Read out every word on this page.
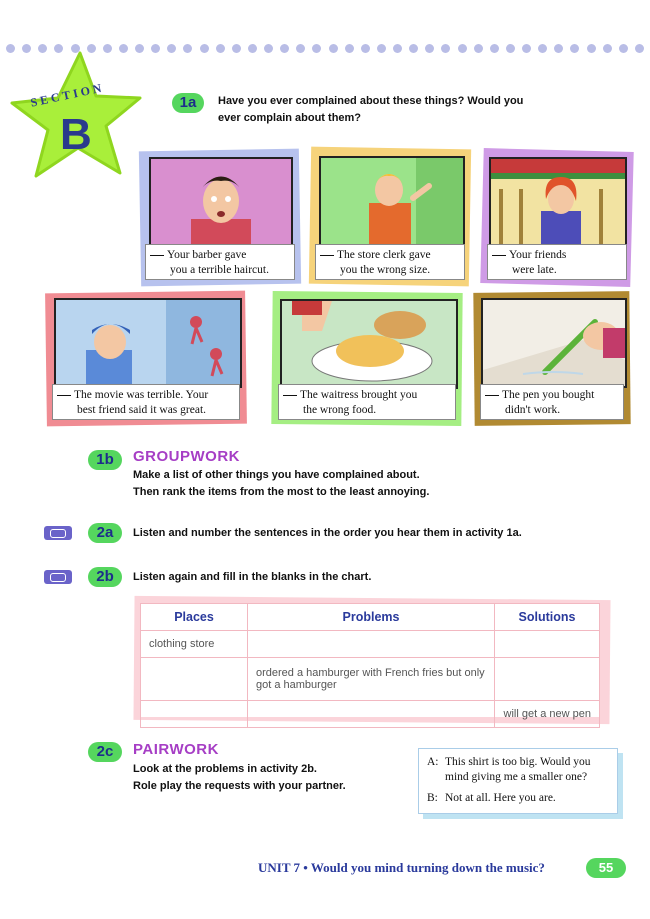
SECTION
B
1a	Have you ever complained about these things? Would you
ever complain about them?
Your barber gave
you a terrible haircut.
The store clerk gave
you the wrong size.
Your friends
were late.
The movie was terrible. Your
best friend said it was great.
The waitress brought you
the wrong food.
The pen you bought
didn't work.
1b	GROUPWORK
Make a list of other things you have complained about.
Then rank the items from the most to the least annoying.
2a	Listen and number the sentences in the order you hear them in activity 1a.
2b	Listen again and fill in the blanks in the chart.
Places	Problems	Solutions
clothing store		
	ordered a hamburger with French fries but only got a hamburger	
		will get a new pen
2c	PAIRWORK
Look at the problems in activity 2b.
Role play the requests with your partner.
A: This shirt is too big. Would you mind giving me a smaller one?
B: Not at all. Here you are.
UNIT 7 • Would you mind turning down the music?	55
